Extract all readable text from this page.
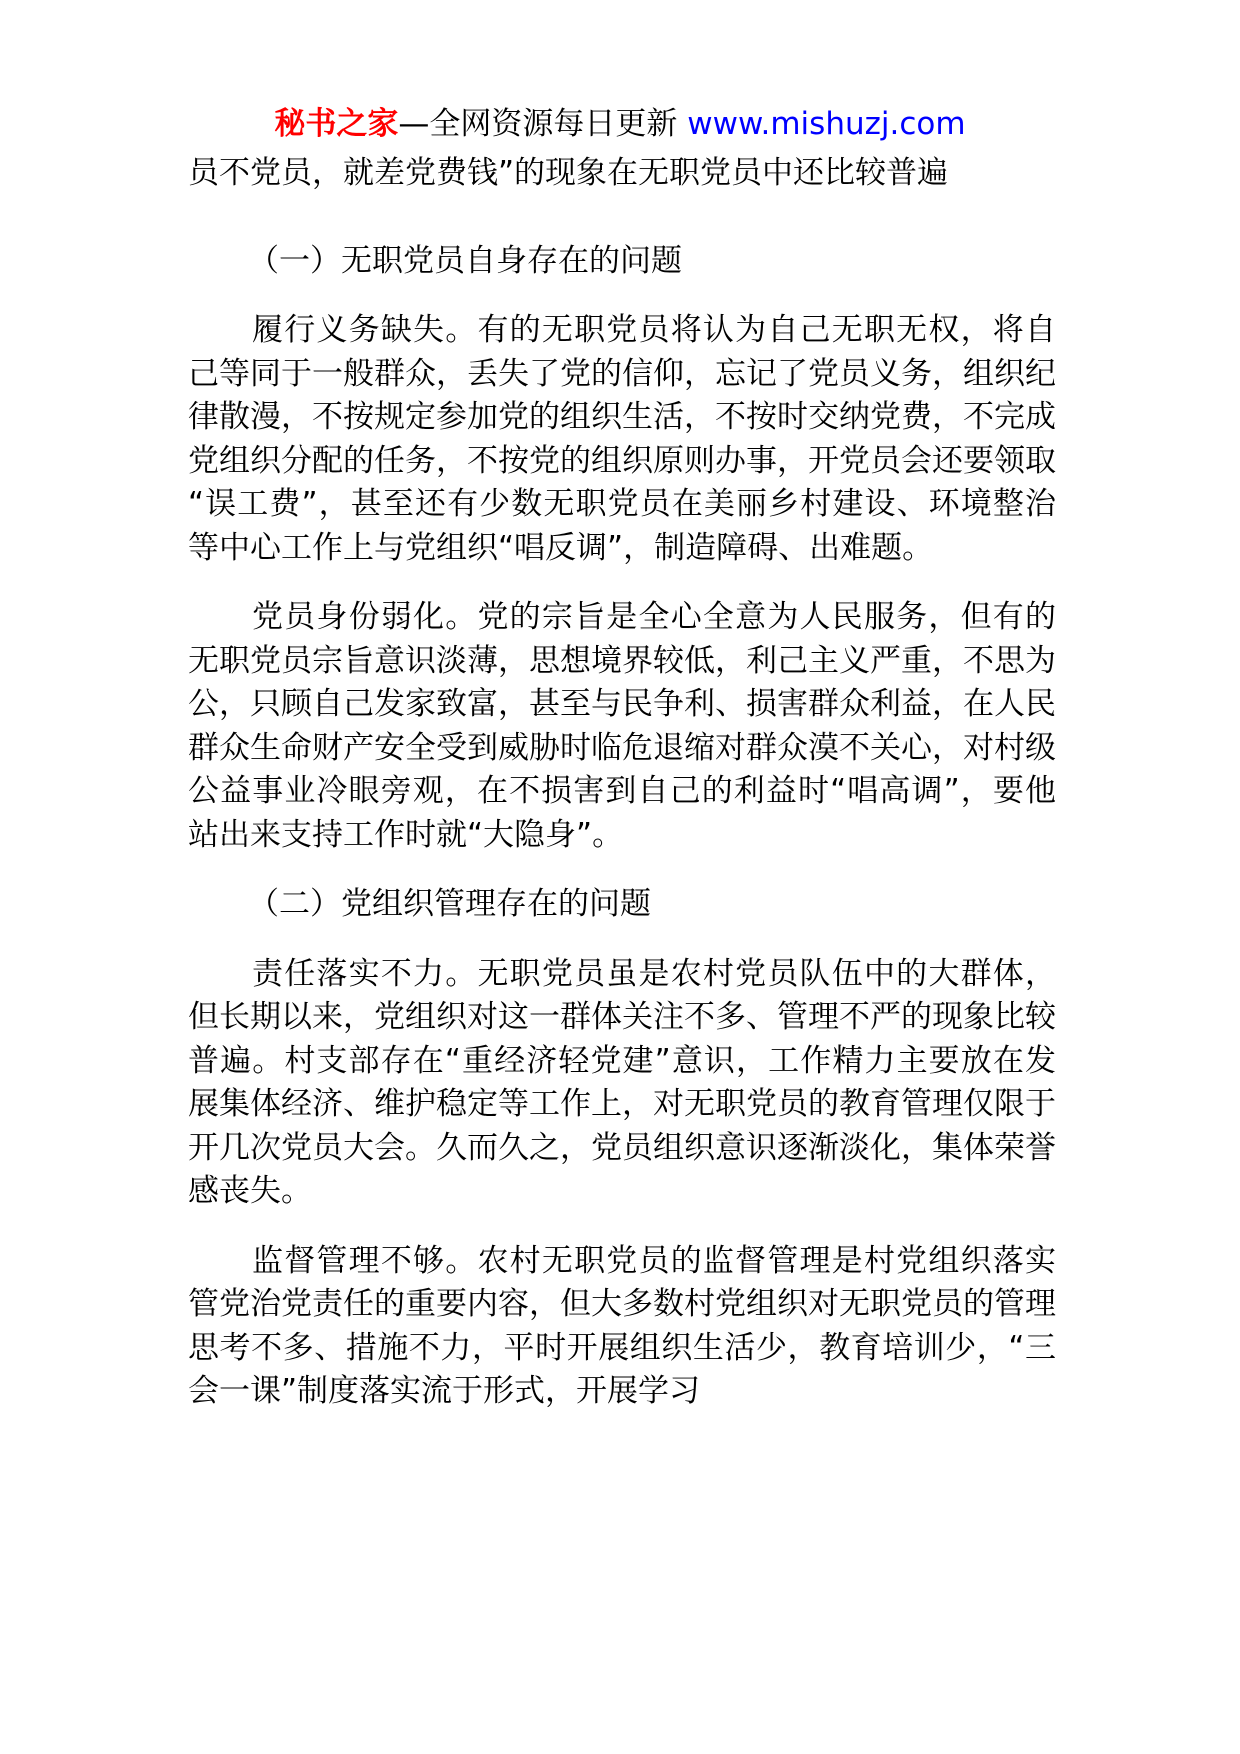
秘书之家—全网资源每日更新 www.mishuzj.com

员不党员，就差党费钱”的现象在无职党员中还比较普遍

（一）无职党员自身存在的问题

履行义务缺失。有的无职党员将认为自己无职无权，将自己等同于一般群众，丢失了党的信仰，忘记了党员义务，组织纪律散漫，不按规定参加党的组织生活，不按时交纳党费，不完成党组织分配的任务，不按党的组织原则办事，开党员会还要领取“误工费”，甚至还有少数无职党员在美丽乡村建设、环境整治等中心工作上与党组织“唱反调”，制造障碍、出难题。

党员身份弱化。党的宗旨是全心全意为人民服务，但有的无职党员宗旨意识淡薄，思想境界较低，利己主义严重，不思为公，只顾自己发家致富，甚至与民争利、损害群众利益，在人民群众生命财产安全受到威胁时临危退缩对群众漠不关心，对村级公益事业冷眼旁观，在不损害到自己的利益时“唱高调”，要他站出来支持工作时就“大隐身”。

（二）党组织管理存在的问题

责任落实不力。无职党员虽是农村党员队伍中的大群体，但长期以来，党组织对这一群体关注不多、管理不严的现象比较普遍。村支部存在“重经济轻党建”意识，工作精力主要放在发展集体经济、维护稳定等工作上，对无职党员的教育管理仅限于开几次党员大会。久而久之，党员组织意识逐渐淡化，集体荣誉感丧失。

监督管理不够。农村无职党员的监督管理是村党组织落实管党治党责任的重要内容，但大多数村党组织对无职党员的管理思考不多、措施不力，平时开展组织生活少，教育培训少，“三会一课”制度落实流于形式，开展学习
